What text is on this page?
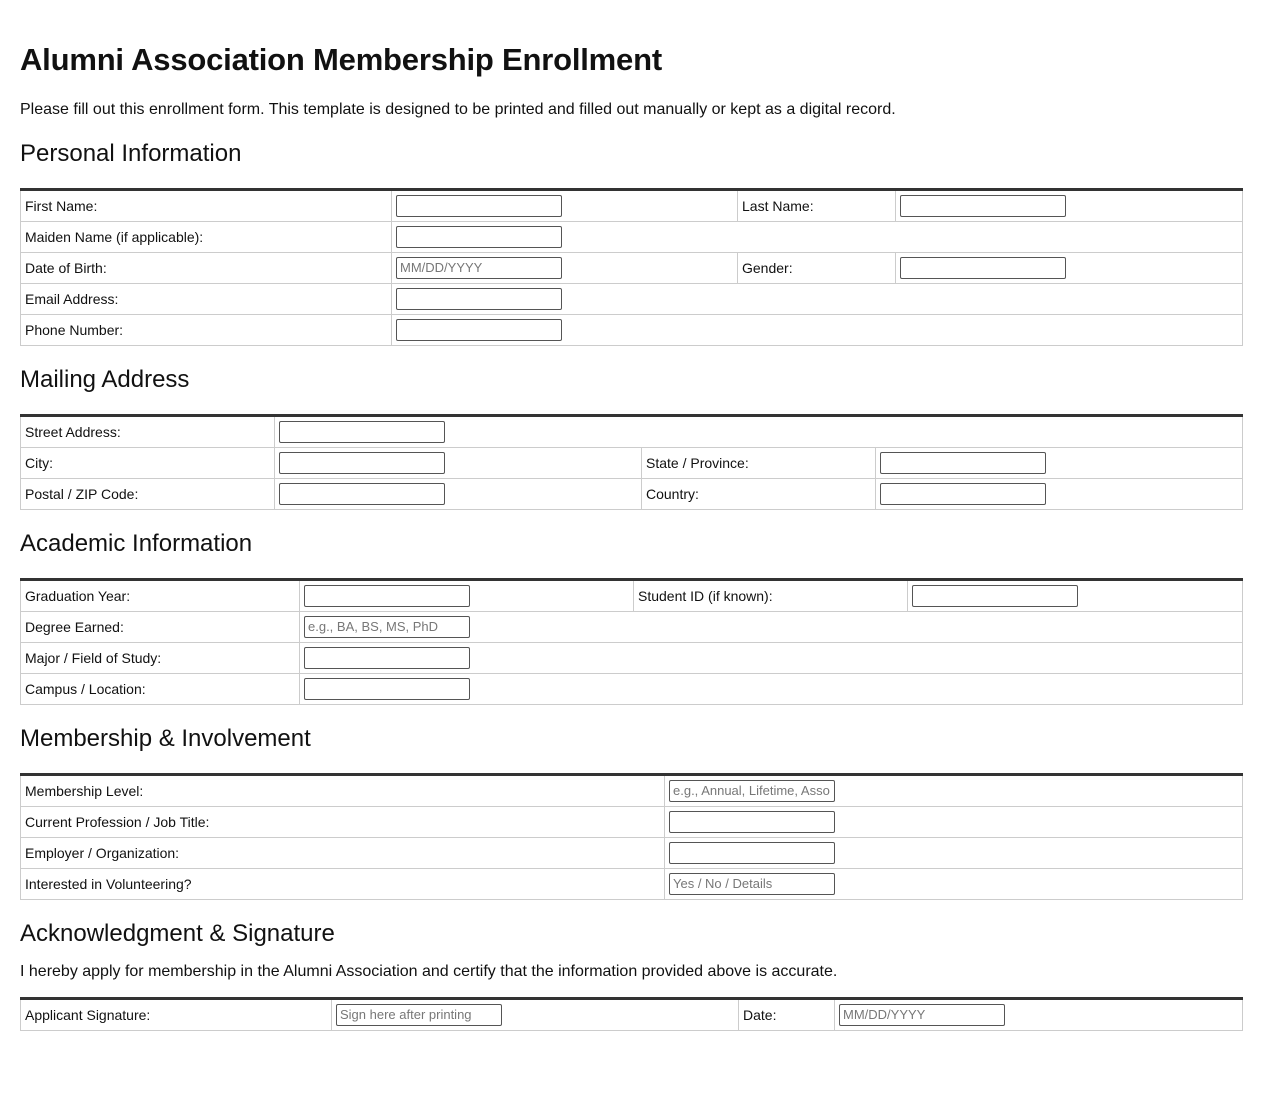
Alumni Association Membership Enrollment

Please fill out this enrollment form. This template is designed to be printed and filled out manually or kept as a digital record.

Personal Information
First Name:		Last Name:	

Maiden Name (if applicable):			

Date of Birth:	MM/DD/YYYY	Gender:	

Email Address:			

Phone Number:			
Mailing Address
Street Address:			

City:		State / Province:	

Postal / ZIP Code:		Country:	
Academic Information
Graduation Year:		Student ID (if known):	

Degree Earned:	e.g., BA, BS, MS, PhD		

Major / Field of Study:			

Campus / Location:			
Membership & Involvement
Membership Level:	e.g., Annual, Lifetime, Asso

Current Profession / Job Title:	

Employer / Organization:	

Interested in Volunteering?	Yes / No / Details
Acknowledgment & Signature

I hereby apply for membership in the Alumni Association and certify that the information provided above is accurate.

Applicant Signature:	Sign here after printing	Date:	MM/DD/YYYY
